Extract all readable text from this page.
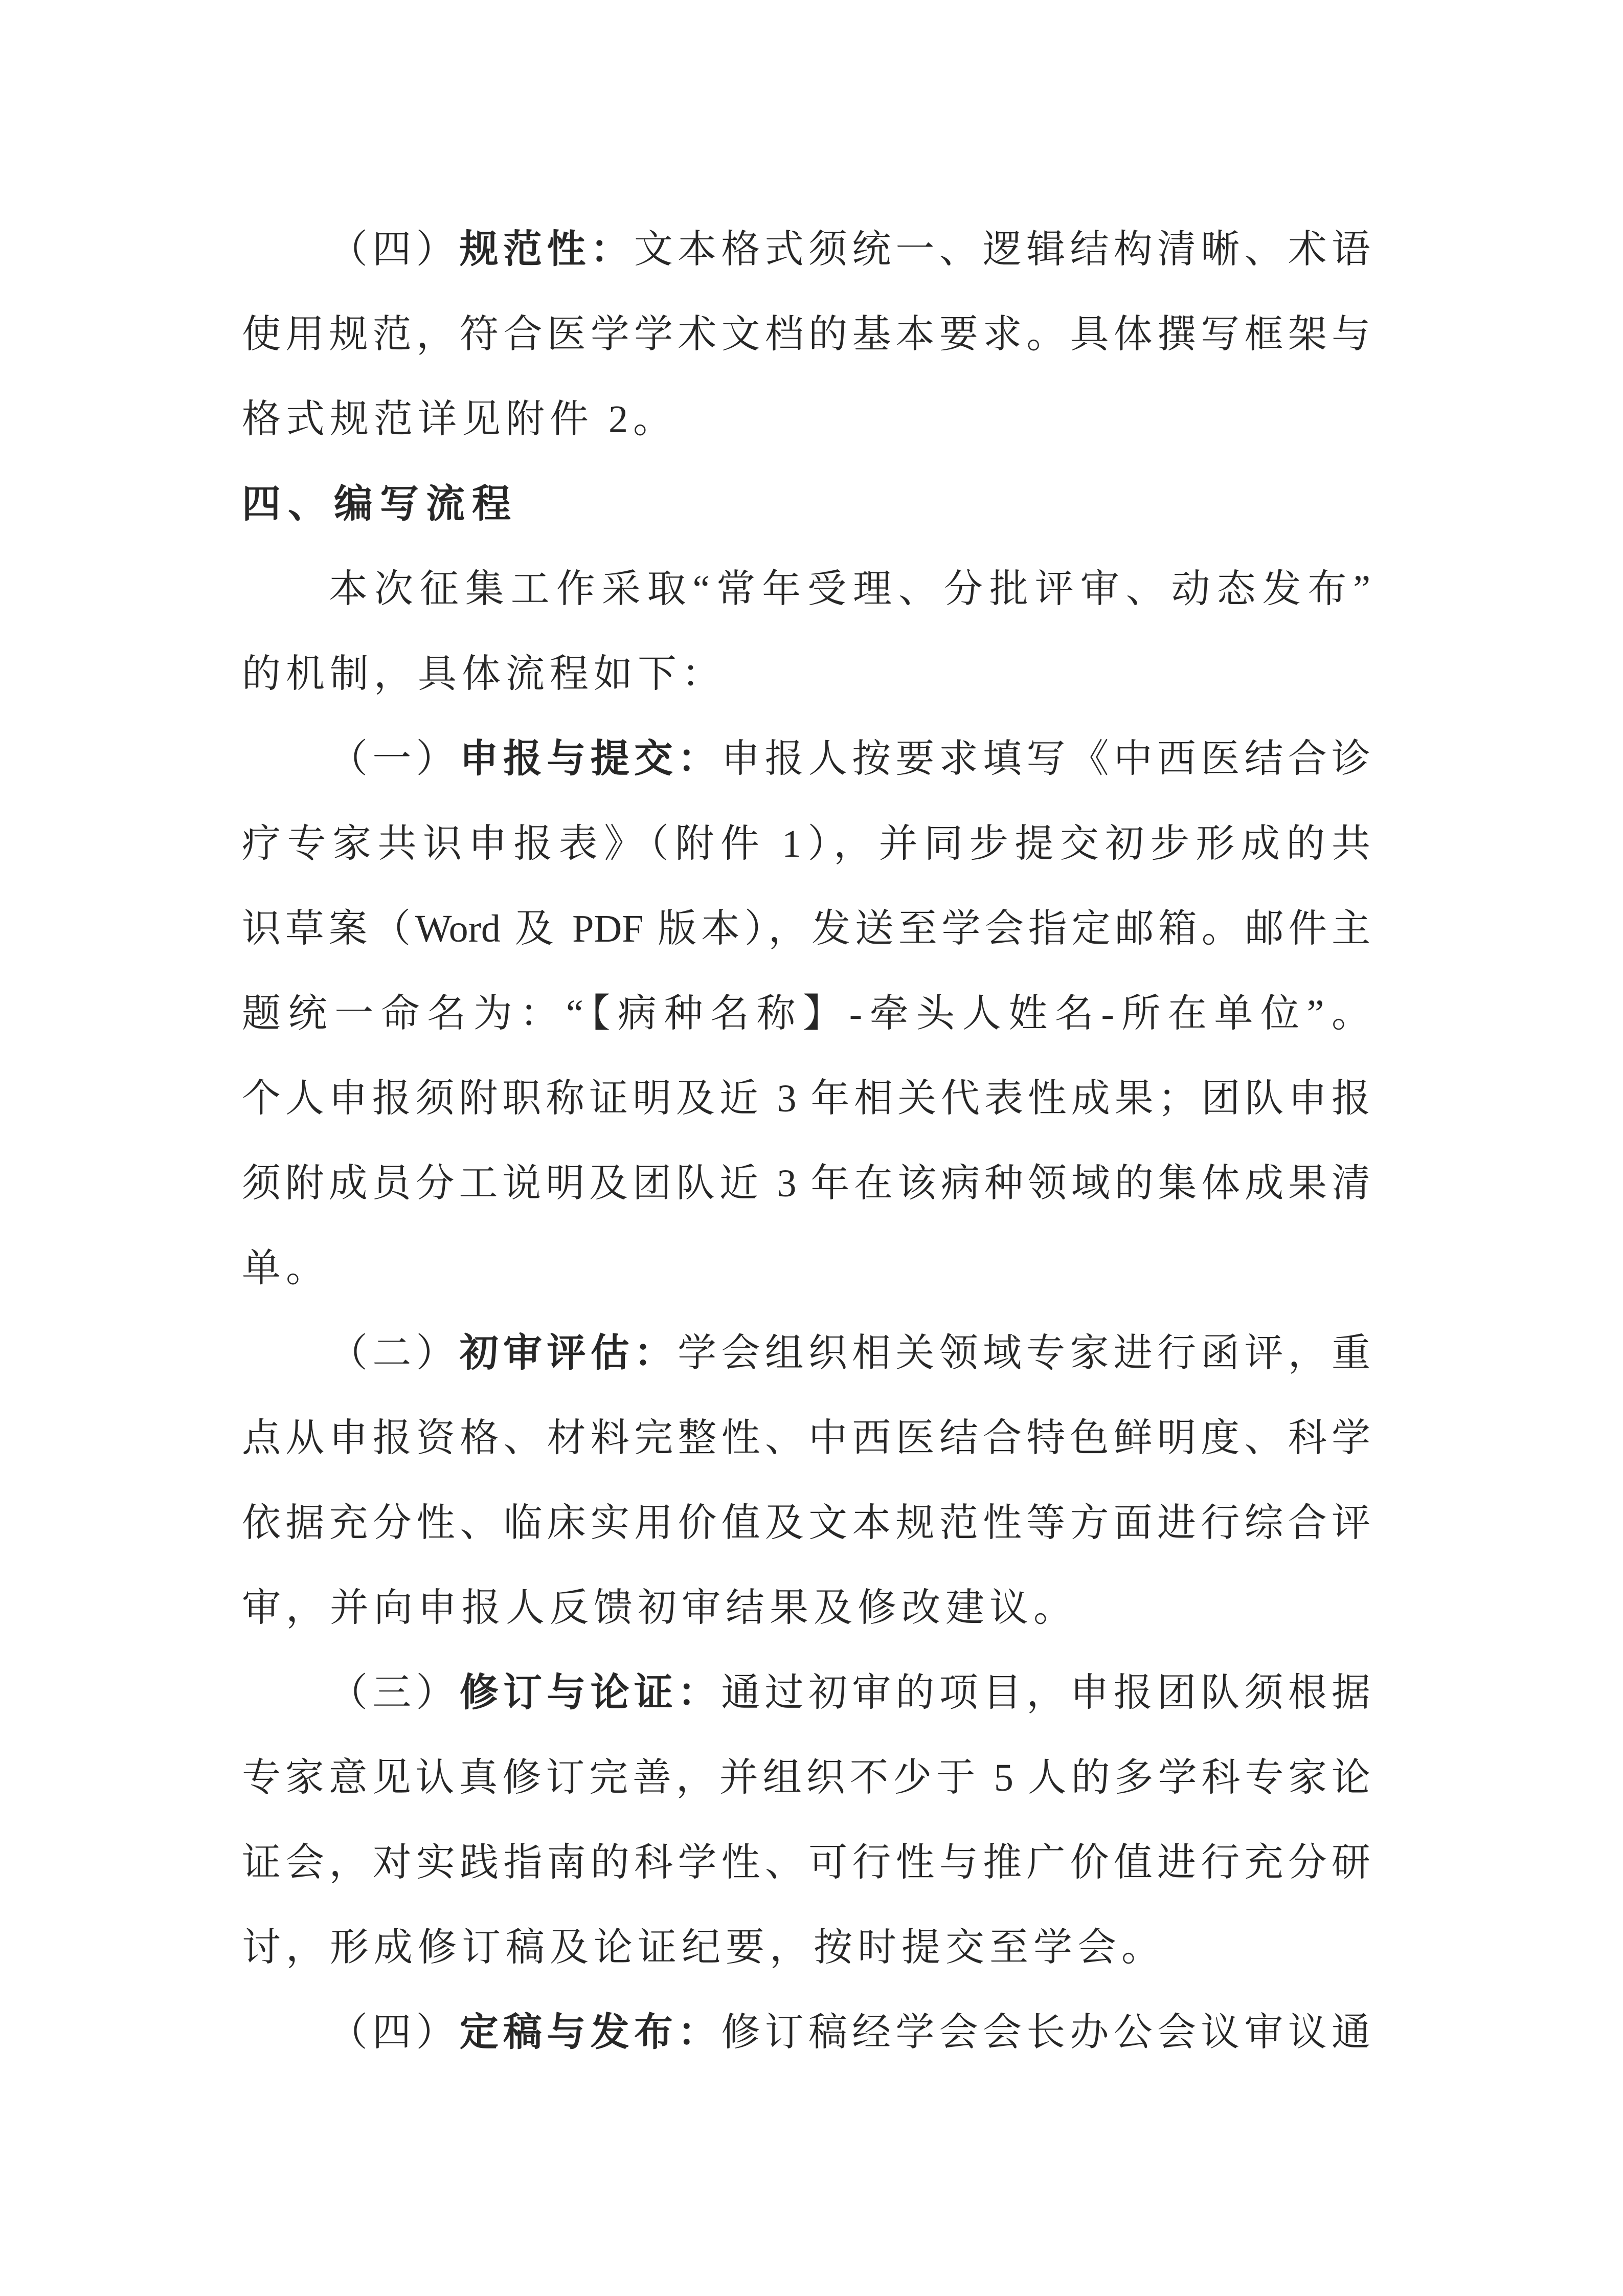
（四）规范性：文本格式须统一、逻辑结构清晰、术语
使用规范，符合医学学术文档的基本要求。具体撰写框架与
格式规范详见附件 2。
四、编写流程
本次征集工作采取“常年受理、分批评审、动态发布”
的机制，具体流程如下：
（一）申报与提交：申报人按要求填写《中西医结合诊
疗专家共识申报表》（附件 1），并同步提交初步形成的共
识草案（Word 及 PDF 版本），发送至学会指定邮箱。邮件主
题统一命名为：“【病种名称】-牵头人姓名-所在单位”。
个人申报须附职称证明及近 3 年相关代表性成果；团队申报
须附成员分工说明及团队近 3 年在该病种领域的集体成果清
单。
（二）初审评估：学会组织相关领域专家进行函评，重
点从申报资格、材料完整性、中西医结合特色鲜明度、科学
依据充分性、临床实用价值及文本规范性等方面进行综合评
审，并向申报人反馈初审结果及修改建议。
（三）修订与论证：通过初审的项目，申报团队须根据
专家意见认真修订完善，并组织不少于 5 人的多学科专家论
证会，对实践指南的科学性、可行性与推广价值进行充分研
讨，形成修订稿及论证纪要，按时提交至学会。
（四）定稿与发布：修订稿经学会会长办公会议审议通
